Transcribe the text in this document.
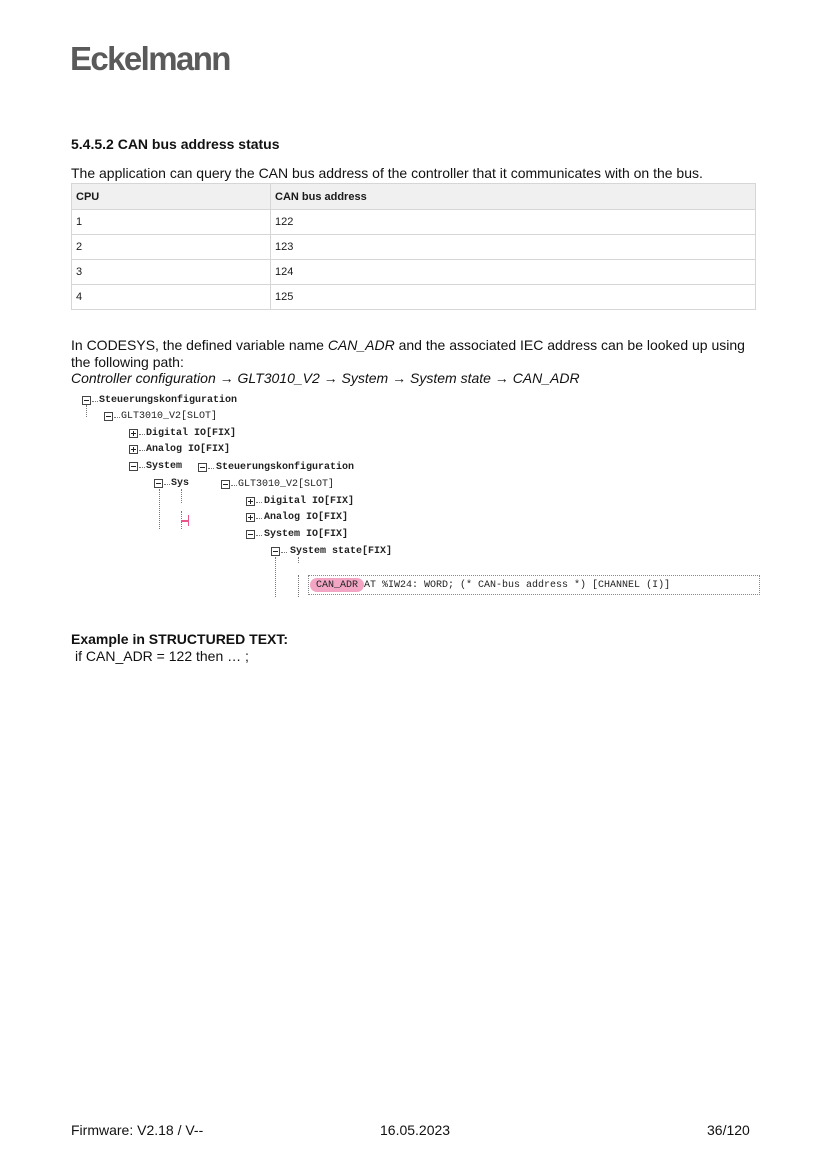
Eckelmann
5.4.5.2 CAN bus address status
The application can query the CAN bus address of the controller that it communicates with on the bus.
CPU	CAN bus address
1	122
2	123
3	124
4	125
In CODESYS, the defined variable name CAN_ADR and the associated IEC address can be looked up using the following path:
Controller configuration → GLT3010_V2 → System → System state → CAN_ADR
Steuerungskonfiguration
GLT3010_V2[SLOT]
Digital IO[FIX]
Analog IO[FIX]
System
Sys
Steuerungskonfiguration
GLT3010_V2[SLOT]
Digital IO[FIX]
Analog IO[FIX]
System IO[FIX]
System state[FIX]
CAN_ADR AT %IW24: WORD; (* CAN-bus address *) [CHANNEL (I)]
Example in STRUCTURED TEXT:
if CAN_ADR = 122 then … ;
Firmware: V2.18 / V--	16.05.2023	36/120
